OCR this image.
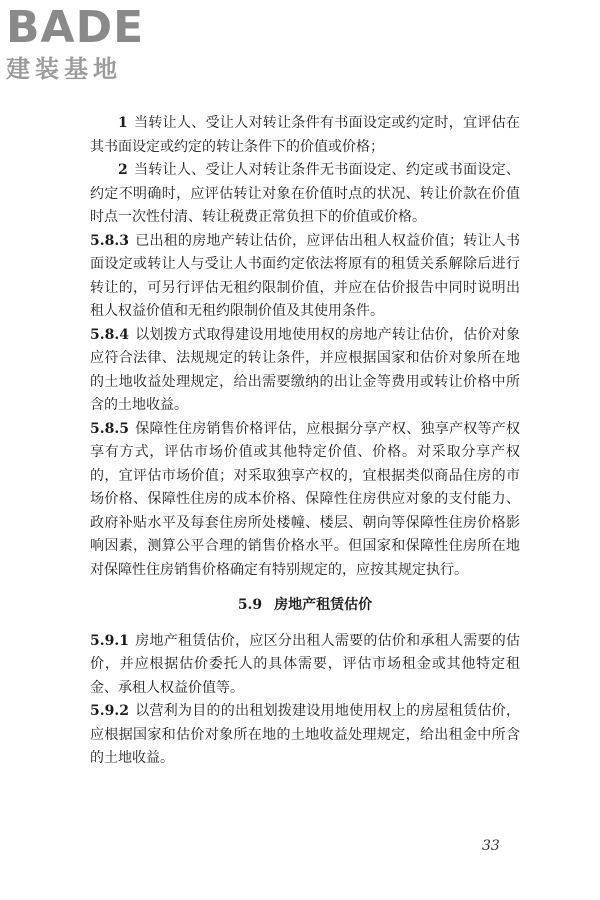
BADE
建装基地

1 当转让人、受让人对转让条件有书面设定或约定时，宜评估在其书面设定或约定的转让条件下的价值或价格；

2 当转让人、受让人对转让条件无书面设定、约定或书面设定、约定不明确时，应评估转让对象在价值时点的状况、转让价款在价值时点一次性付清、转让税费正常负担下的价值或价格。

5.8.3 已出租的房地产转让估价，应评估出租人权益价值；转让人书面设定或转让人与受让人书面约定依法将原有的租赁关系解除后进行转让的，可另行评估无租约限制价值，并应在估价报告中同时说明出租人权益价值和无租约限制价值及其使用条件。

5.8.4 以划拨方式取得建设用地使用权的房地产转让估价，估价对象应符合法律、法规规定的转让条件，并应根据国家和估价对象所在地的土地收益处理规定，给出需要缴纳的出让金等费用或转让价格中所含的土地收益。

5.8.5 保障性住房销售价格评估，应根据分享产权、独享产权等产权享有方式，评估市场价值或其他特定价值、价格。对采取分享产权的，宜评估市场价值；对采取独享产权的，宜根据类似商品住房的市场价格、保障性住房的成本价格、保障性住房供应对象的支付能力、政府补贴水平及每套住房所处楼幢、楼层、朝向等保障性住房价格影响因素，测算公平合理的销售价格水平。但国家和保障性住房所在地对保障性住房销售价格确定有特别规定的，应按其规定执行。

5.9 房地产租赁估价

5.9.1 房地产租赁估价，应区分出租人需要的估价和承租人需要的估价，并应根据估价委托人的具体需要，评估市场租金或其他特定租金、承租人权益价值等。

5.9.2 以营利为目的的出租划拨建设用地使用权上的房屋租赁估价，应根据国家和估价对象所在地的土地收益处理规定，给出租金中所含的土地收益。

33
